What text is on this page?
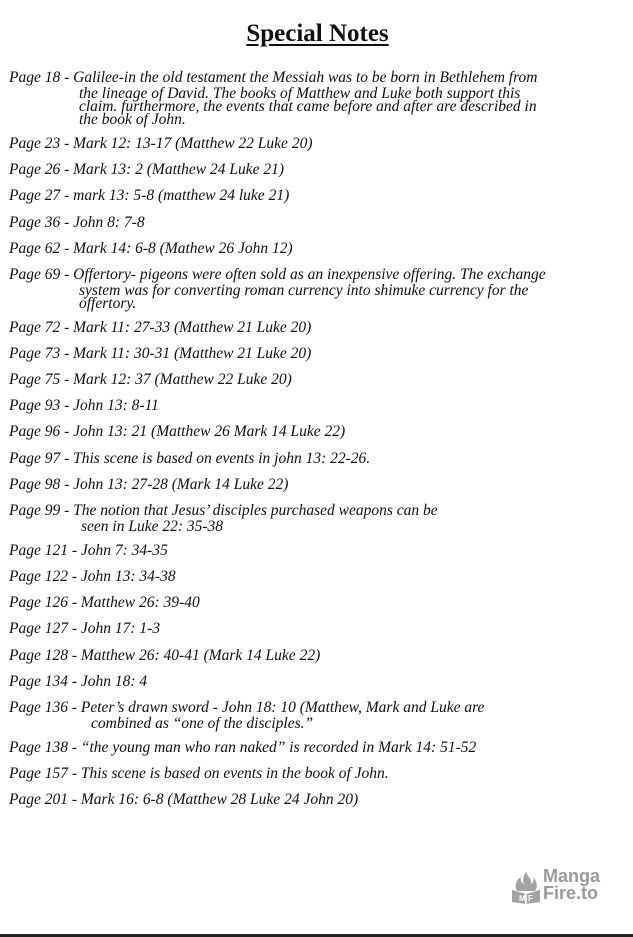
Special Notes
Page 18 - Galilee-in the old testament the Messiah was to be born in Bethlehem from
the lineage of David. The books of Matthew and Luke both support this
claim. furthermore, the events that came before and after are described in
the book of John.
Page 23 - Mark 12: 13-17 (Matthew 22 Luke 20)
Page 26 - Mark 13: 2 (Matthew 24 Luke 21)
Page 27 - mark 13: 5-8 (matthew 24 luke 21)
Page 36 - John 8: 7-8
Page 62 - Mark 14: 6-8 (Mathew 26 John 12)
Page 69 - Offertory- pigeons were often sold as an inexpensive offering. The exchange
system was for converting roman currency into shimuke currency for the
offertory.
Page 72 - Mark 11: 27-33 (Matthew 21 Luke 20)
Page 73 - Mark 11: 30-31 (Matthew 21 Luke 20)
Page 75 - Mark 12: 37 (Matthew 22 Luke 20)
Page 93 - John 13: 8-11
Page 96 - John 13: 21 (Matthew 26 Mark 14 Luke 22)
Page 97 - This scene is based on events in john 13: 22-26.
Page 98 - John 13: 27-28 (Mark 14 Luke 22)
Page 99 - The notion that Jesus’ disciples purchased weapons can be
seen in Luke 22: 35-38
Page 121 - John 7: 34-35
Page 122 - John 13: 34-38
Page 126 - Matthew 26: 39-40
Page 127 - John 17: 1-3
Page 128 - Matthew 26: 40-41 (Mark 14 Luke 22)
Page 134 - John 18: 4
Page 136 - Peter’s drawn sword - John 18: 10 (Matthew, Mark and Luke are
combined as “one of the disciples.”
Page 138 - “the young man who ran naked” is recorded in Mark 14: 51-52
Page 157 - This scene is based on events in the book of John.
Page 201 - Mark 16: 6-8 (Matthew 28 Luke 24 John 20)
M F
Manga
Fire.to
